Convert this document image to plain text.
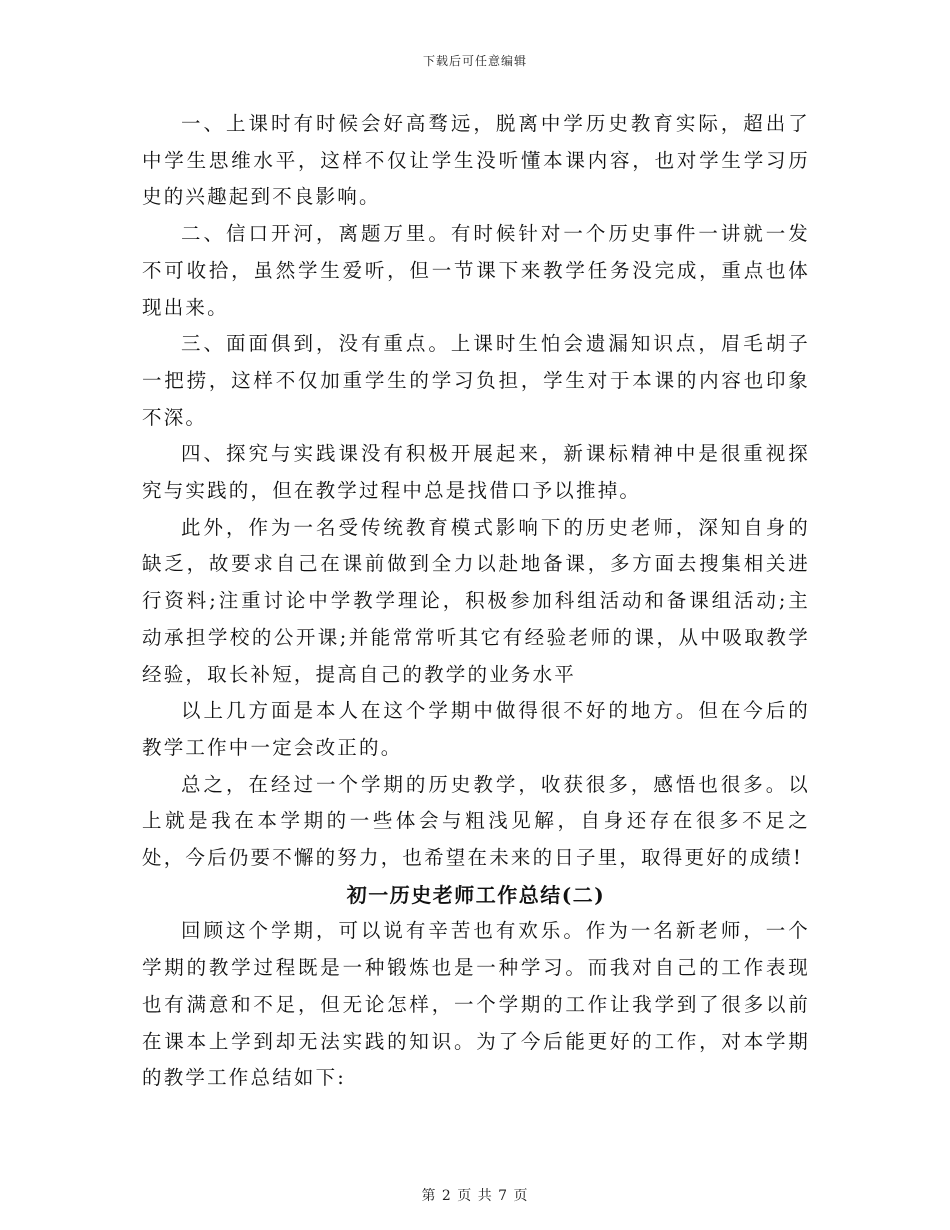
下载后可任意编辑

一、上课时有时候会好高骛远，脱离中学历史教育实际，超出了中学生思维水平，这样不仅让学生没听懂本课内容，也对学生学习历史的兴趣起到不良影响。

二、信口开河，离题万里。有时候针对一个历史事件一讲就一发不可收拾，虽然学生爱听，但一节课下来教学任务没完成，重点也体现出来。

三、面面俱到，没有重点。上课时生怕会遗漏知识点，眉毛胡子一把捞，这样不仅加重学生的学习负担，学生对于本课的内容也印象不深。

四、探究与实践课没有积极开展起来，新课标精神中是很重视探究与实践的，但在教学过程中总是找借口予以推掉。

此外，作为一名受传统教育模式影响下的历史老师，深知自身的缺乏，故要求自己在课前做到全力以赴地备课，多方面去搜集相关进行资料;注重讨论中学教学理论，积极参加科组活动和备课组活动;主动承担学校的公开课;并能常常听其它有经验老师的课，从中吸取教学经验，取长补短，提高自己的教学的业务水平

以上几方面是本人在这个学期中做得很不好的地方。但在今后的教学工作中一定会改正的。

总之，在经过一个学期的历史教学，收获很多，感悟也很多。以上就是我在本学期的一些体会与粗浅见解，自身还存在很多不足之处，今后仍要不懈的努力，也希望在未来的日子里，取得更好的成绩!

初一历史老师工作总结(二)

回顾这个学期，可以说有辛苦也有欢乐。作为一名新老师，一个学期的教学过程既是一种锻炼也是一种学习。而我对自己的工作表现也有满意和不足，但无论怎样，一个学期的工作让我学到了很多以前在课本上学到却无法实践的知识。为了今后能更好的工作，对本学期的教学工作总结如下:

第 2 页 共 7 页
